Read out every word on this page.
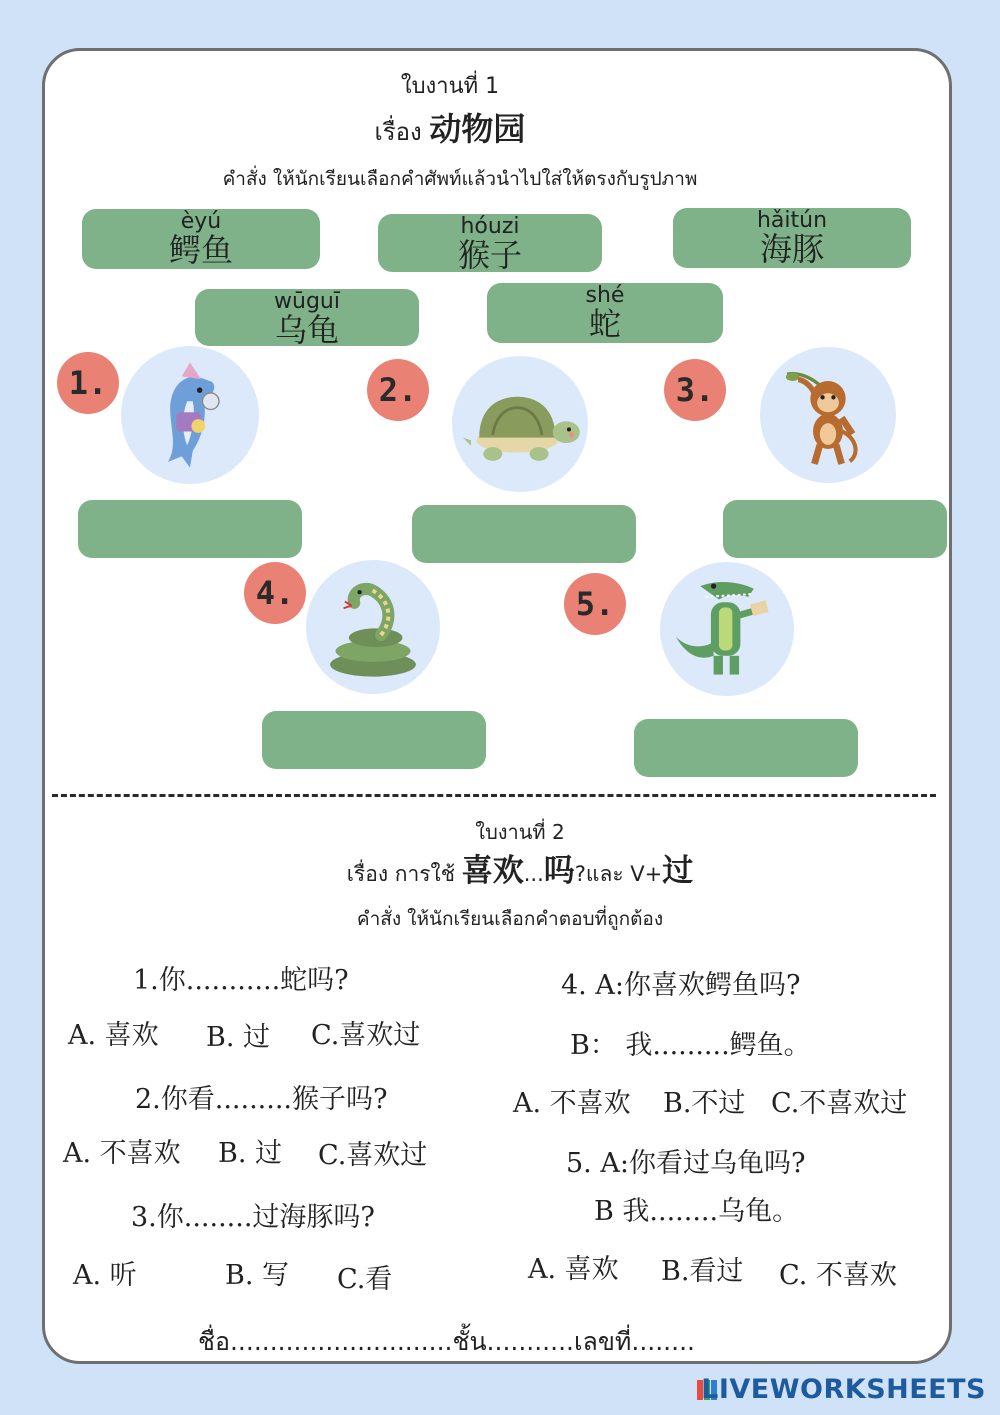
ใบงานที่ 1
เรื่อง 动物园
คำสั่ง ให้นักเรียนเลือกคำศัพท์แล้วนำไปใส่ให้ตรงกับรูปภาพ
èyú
鳄鱼
hóuzi
猴子
hǎitún
海豚
wūguī
乌龟
shé
蛇
1.	2.	3.
4.	5.
ใบงานที่ 2
เรื่อง การใช้ 喜欢...吗?และ V+过
คำสั่ง ให้นักเรียนเลือกคำตอบที่ถูกต้อง
1.你...........蛇吗?
A. 喜欢 B. 过 C.喜欢过
2.你看.........猴子吗?
A. 不喜欢 B. 过 C.喜欢过
3.你........过海豚吗?
A. 听	B. 写 C.看
4. A:你喜欢鳄鱼吗?
B： 我.........鳄鱼。
A. 不喜欢 B.不过 C.不喜欢过
5. A:你看过乌龟吗?
B 我........乌龟。
A. 喜欢 B.看过 C. 不喜欢
ชื่อ............................ชั้น...........เลขที่........
LIVEWORKSHEETS
